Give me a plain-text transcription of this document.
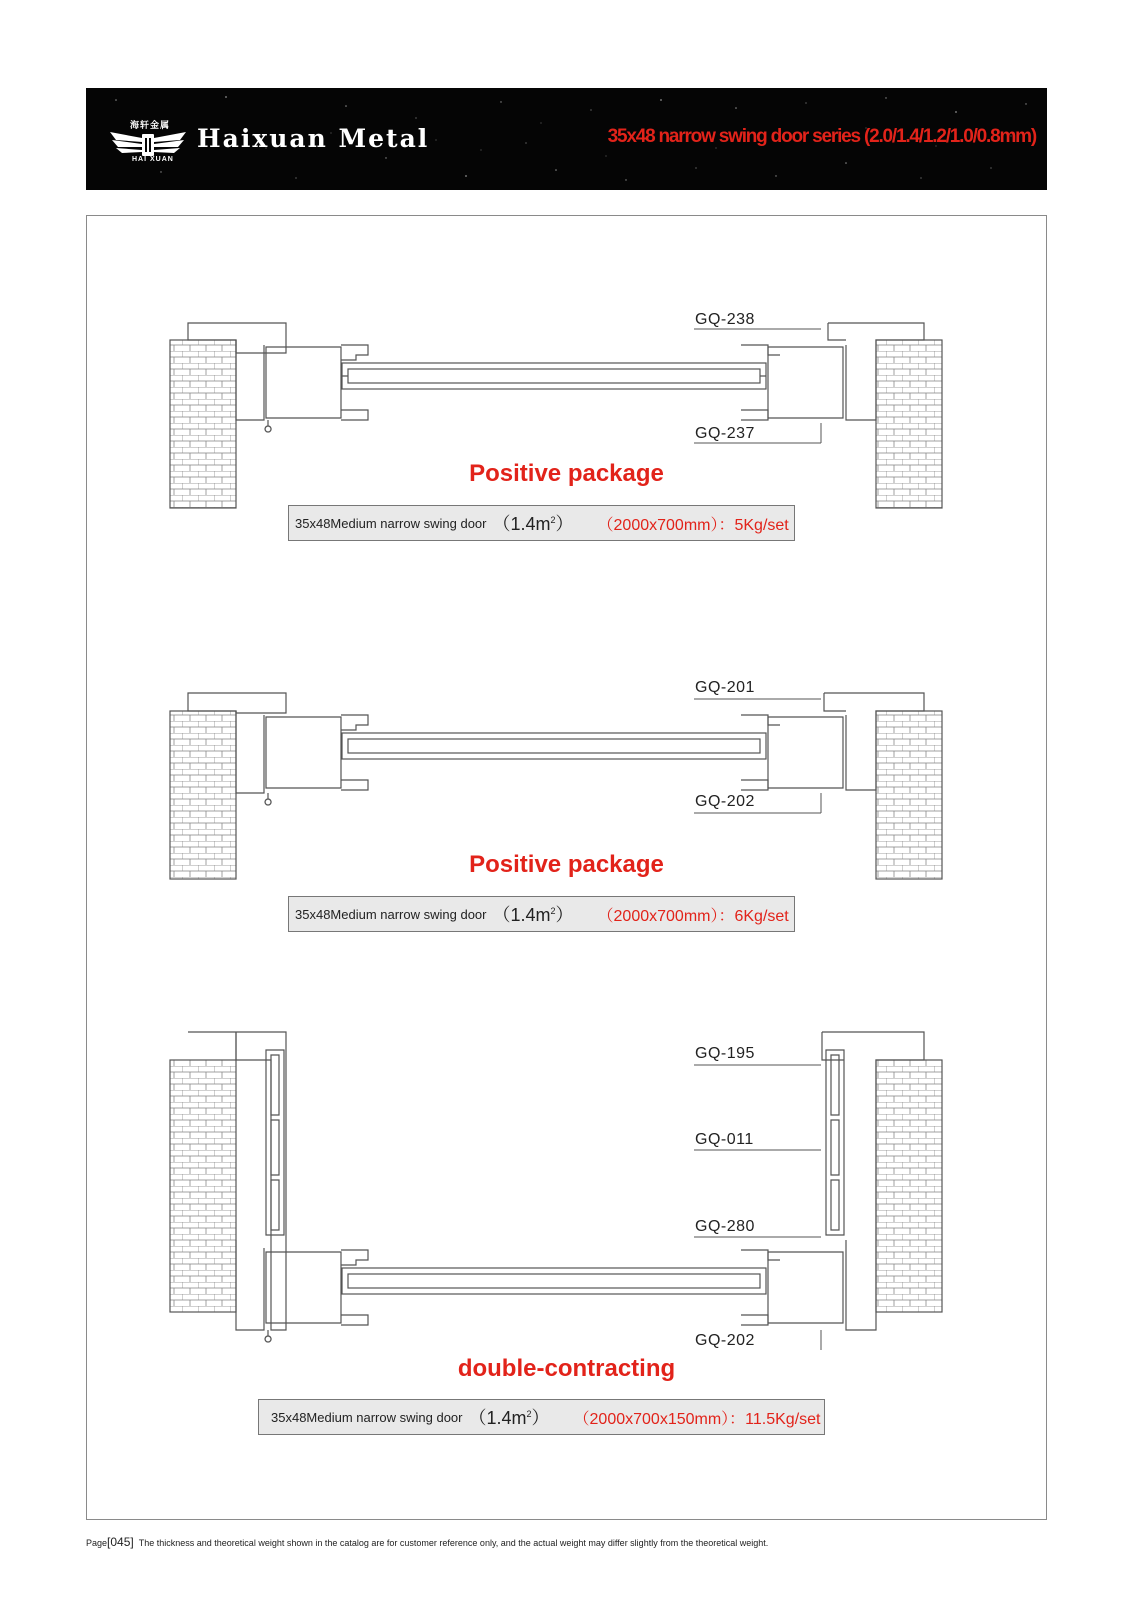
海轩金属
HAI XUAN
Haixuan Metal	35x48 narrow swing door series (2.0/1.4/1.2/1.0/0.8mm)
GQ-238
GQ-237
Positive package
35x48Medium narrow swing door $(1.4m^2)$ （2000x700mm）：5Kg/set
GQ-201
GQ-202
Positive package
35x48Medium narrow swing door $(1.4m^2)$ （2000x700mm）：6Kg/set
GQ-195
GQ-011
GQ-280
GQ-202
double-contracting
35x48Medium narrow swing door $(1.4m^2)$ （2000x700x150mm）：11.5Kg/set
Page[045] The thickness and theoretical weight shown in the catalog are for customer reference only, and the actual weight may differ slightly from the theoretical weight.
